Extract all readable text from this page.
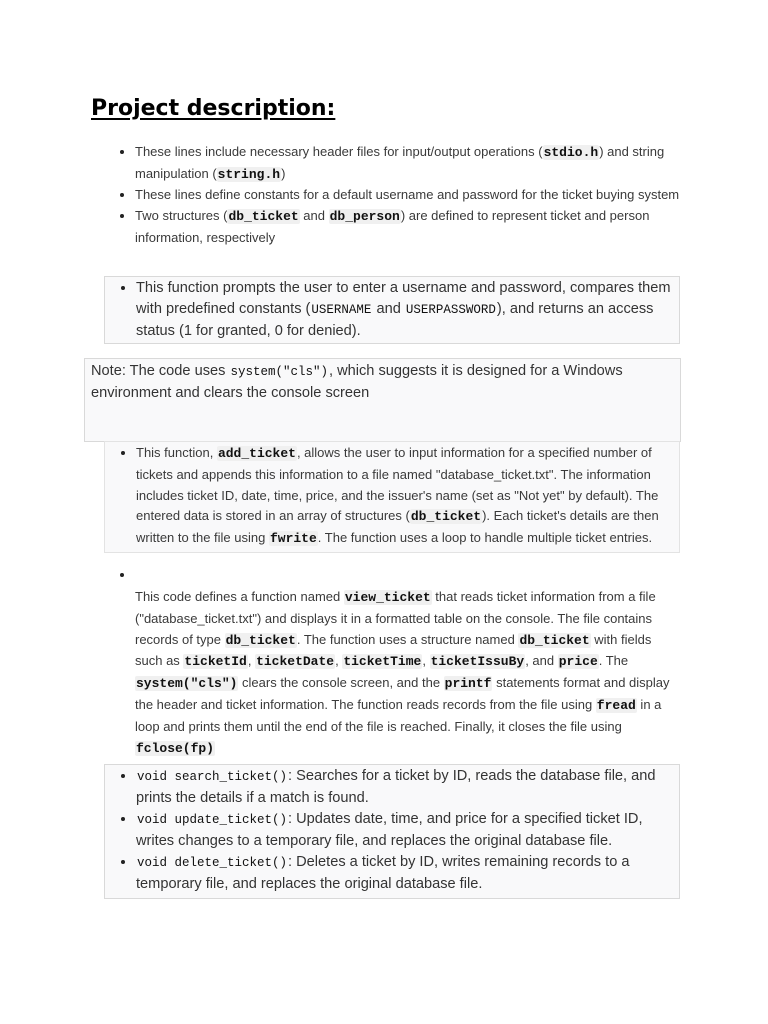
Project description:
• These lines include necessary header files for input/output operations (stdio.h) and string manipulation (string.h)
• These lines define constants for a default username and password for the ticket buying system
• Two structures (db_ticket and db_person) are defined to represent ticket and person information, respectively
• This function prompts the user to enter a username and password, compares them with predefined constants (USERNAME and USERPASSWORD), and returns an access status (1 for granted, 0 for denied).

Note: The code uses system("cls"), which suggests it is designed for a Windows environment and clears the console screen

• This function, add_ticket, allows the user to input information for a specified number of tickets and appends this information to a file named "database_ticket.txt". The information includes ticket ID, date, time, price, and the issuer's name (set as "Not yet" by default). The entered data is stored in an array of structures (db_ticket). Each ticket's details are then written to the file using fwrite. The function uses a loop to handle multiple ticket entries.
•
This code defines a function named view_ticket that reads ticket information from a file ("database_ticket.txt") and displays it in a formatted table on the console. The file contains records of type db_ticket. The function uses a structure named db_ticket with fields such as ticketId, ticketDate, ticketTime, ticketIssuBy, and price. The system("cls") clears the console screen, and the printf statements format and display the header and ticket information. The function reads records from the file using fread in a loop and prints them until the end of the file is reached. Finally, it closes the file using fclose(fp)
• void search_ticket(): Searches for a ticket by ID, reads the database file, and prints the details if a match is found.
• void update_ticket(): Updates date, time, and price for a specified ticket ID, writes changes to a temporary file, and replaces the original database file.
• void delete_ticket(): Deletes a ticket by ID, writes remaining records to a temporary file, and replaces the original database file.
